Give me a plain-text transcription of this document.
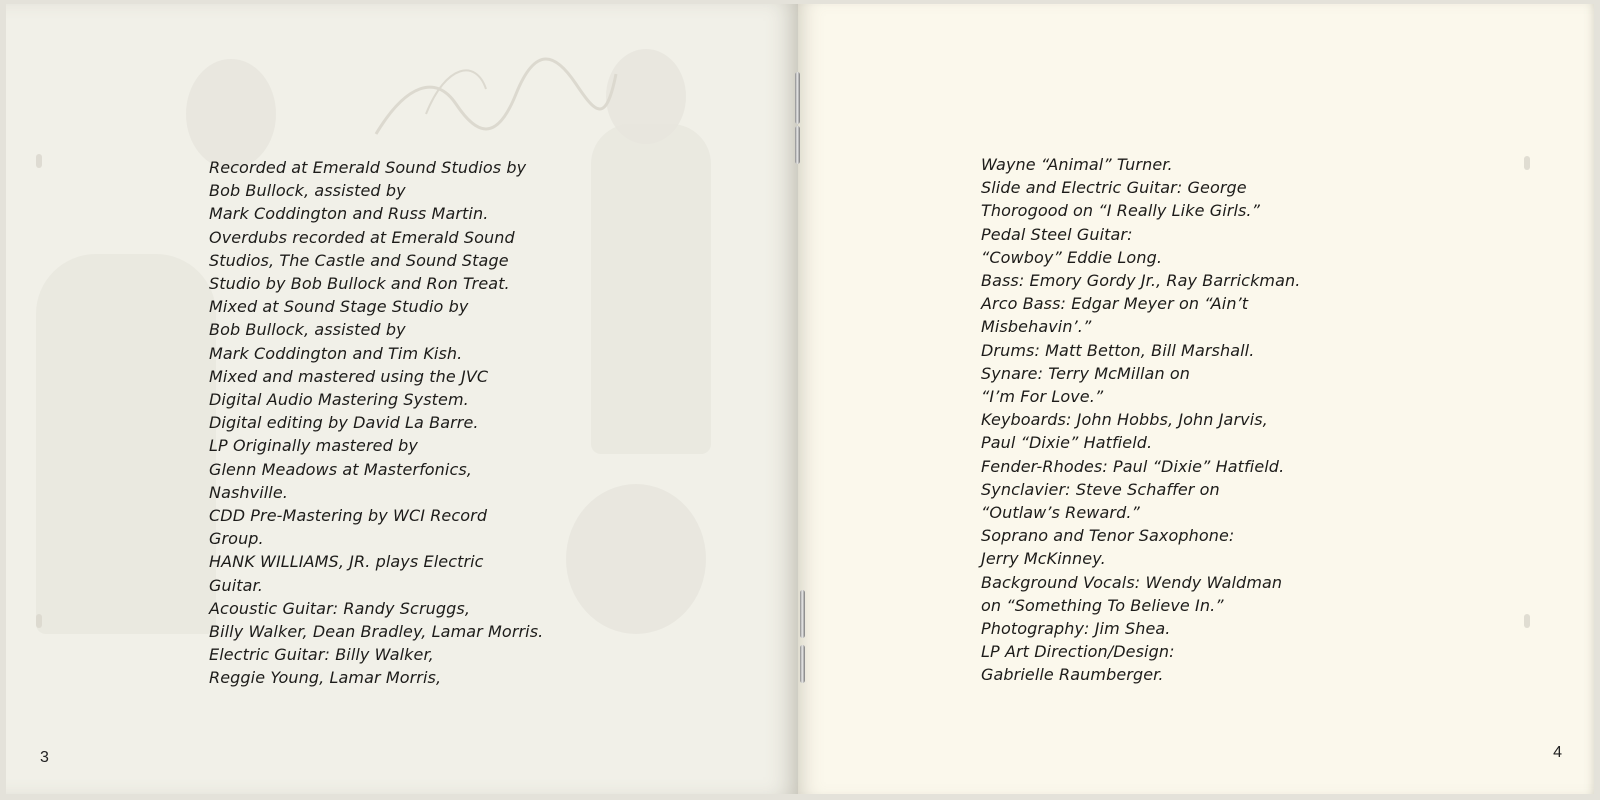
Recorded at Emerald Sound Studios by
Bob Bullock, assisted by
Mark Coddington and Russ Martin.
Overdubs recorded at Emerald Sound
Studios, The Castle and Sound Stage
Studio by Bob Bullock and Ron Treat.
Mixed at Sound Stage Studio by
Bob Bullock, assisted by
Mark Coddington and Tim Kish.
Mixed and mastered using the JVC
Digital Audio Mastering System.
Digital editing by David La Barre.
LP Originally mastered by
Glenn Meadows at Masterfonics,
Nashville.
CDD Pre-Mastering by WCI Record
Group.
HANK WILLIAMS, JR. plays Electric
Guitar.
Acoustic Guitar: Randy Scruggs,
Billy Walker, Dean Bradley, Lamar Morris.
Electric Guitar: Billy Walker,
Reggie Young, Lamar Morris,
3
Wayne “Animal” Turner.
Slide and Electric Guitar: George
Thorogood on “I Really Like Girls.”
Pedal Steel Guitar:
“Cowboy” Eddie Long.
Bass: Emory Gordy Jr., Ray Barrickman.
Arco Bass: Edgar Meyer on “Ain’t
Misbehavin’.”
Drums: Matt Betton, Bill Marshall.
Synare: Terry McMillan on
“I’m For Love.”
Keyboards: John Hobbs, John Jarvis,
Paul “Dixie” Hatfield.
Fender-Rhodes: Paul “Dixie” Hatfield.
Synclavier: Steve Schaffer on
“Outlaw’s Reward.”
Soprano and Tenor Saxophone:
Jerry McKinney.
Background Vocals: Wendy Waldman
on “Something To Believe In.”
Photography: Jim Shea.
LP Art Direction/Design:
Gabrielle Raumberger.
4
